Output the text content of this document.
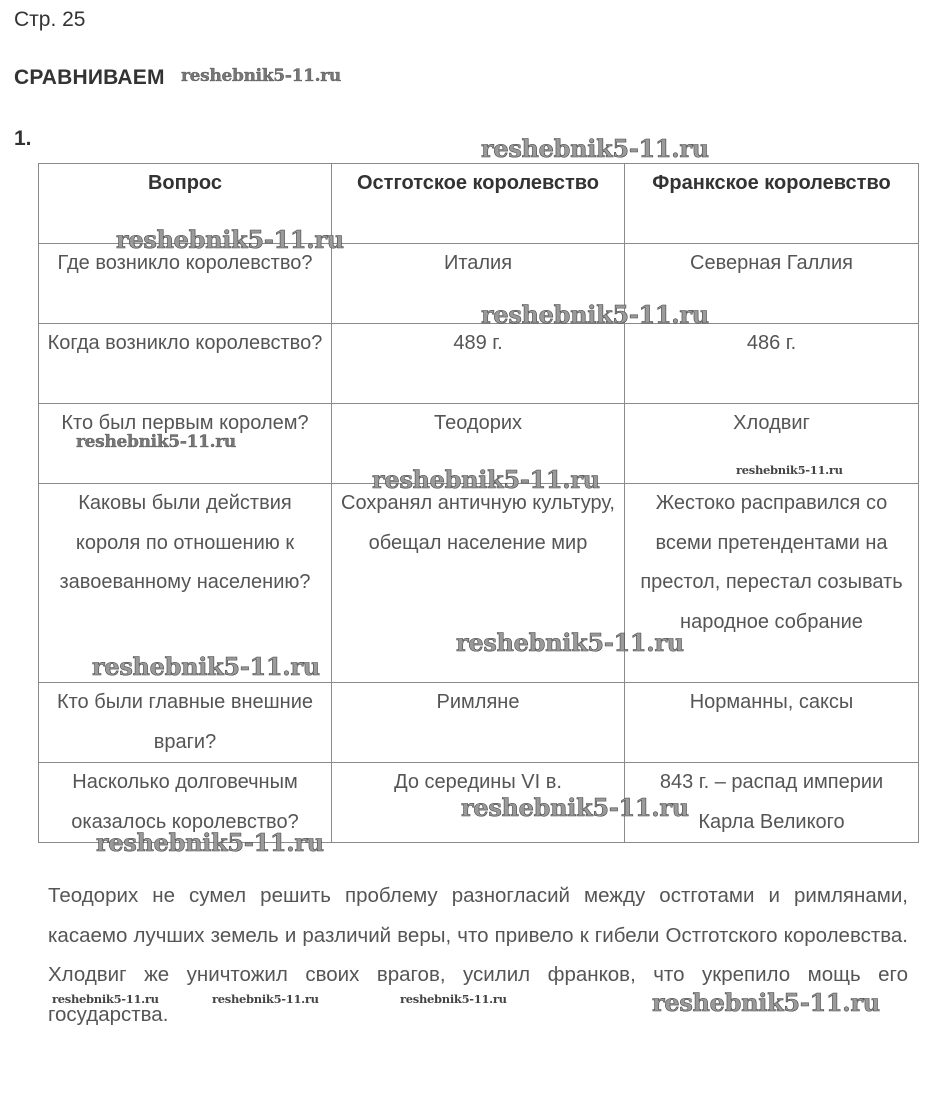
Стр. 25
СРАВНИВАЕМ
1.
Вопрос	Остготское королевство	Франкское королевство
Где возникло королевство?	Италия	Северная Галлия
Когда возникло королевство?	489 г.	486 г.
Кто был первым королем?	Теодорих	Хлодвиг
Каковы были действия короля по отношению к завоеванному населению?	Сохранял античную культуру, обещал население мир	Жестоко расправился со всеми претендентами на престол, перестал созывать народное собрание
Кто были главные внешние враги?	Римляне	Норманны, саксы
Насколько долговечным оказалось королевство?	До середины VI в.	843 г. – распад империи Карла Великого

Теодорих не сумел решить проблему разногласий между остготами и римлянами, касаемо лучших земель и различий веры, что привело к гибели Остготского королевства. Хлодвиг же уничтожил своих врагов, усилил франков, что укрепило мощь его государства.

reshebnik5-11.ru
reshebnik5-11.ru
reshebnik5-11.ru
reshebnik5-11.ru
reshebnik5-11.ru
reshebnik5-11.ru	reshebnik5-11.ru
reshebnik5-11.ru
reshebnik5-11.ru
reshebnik5-11.ru
reshebnik5-11.ru
reshebnik5-11.ru	reshebnik5-11.ru	reshebnik5-11.ru	reshebnik5-11.ru
